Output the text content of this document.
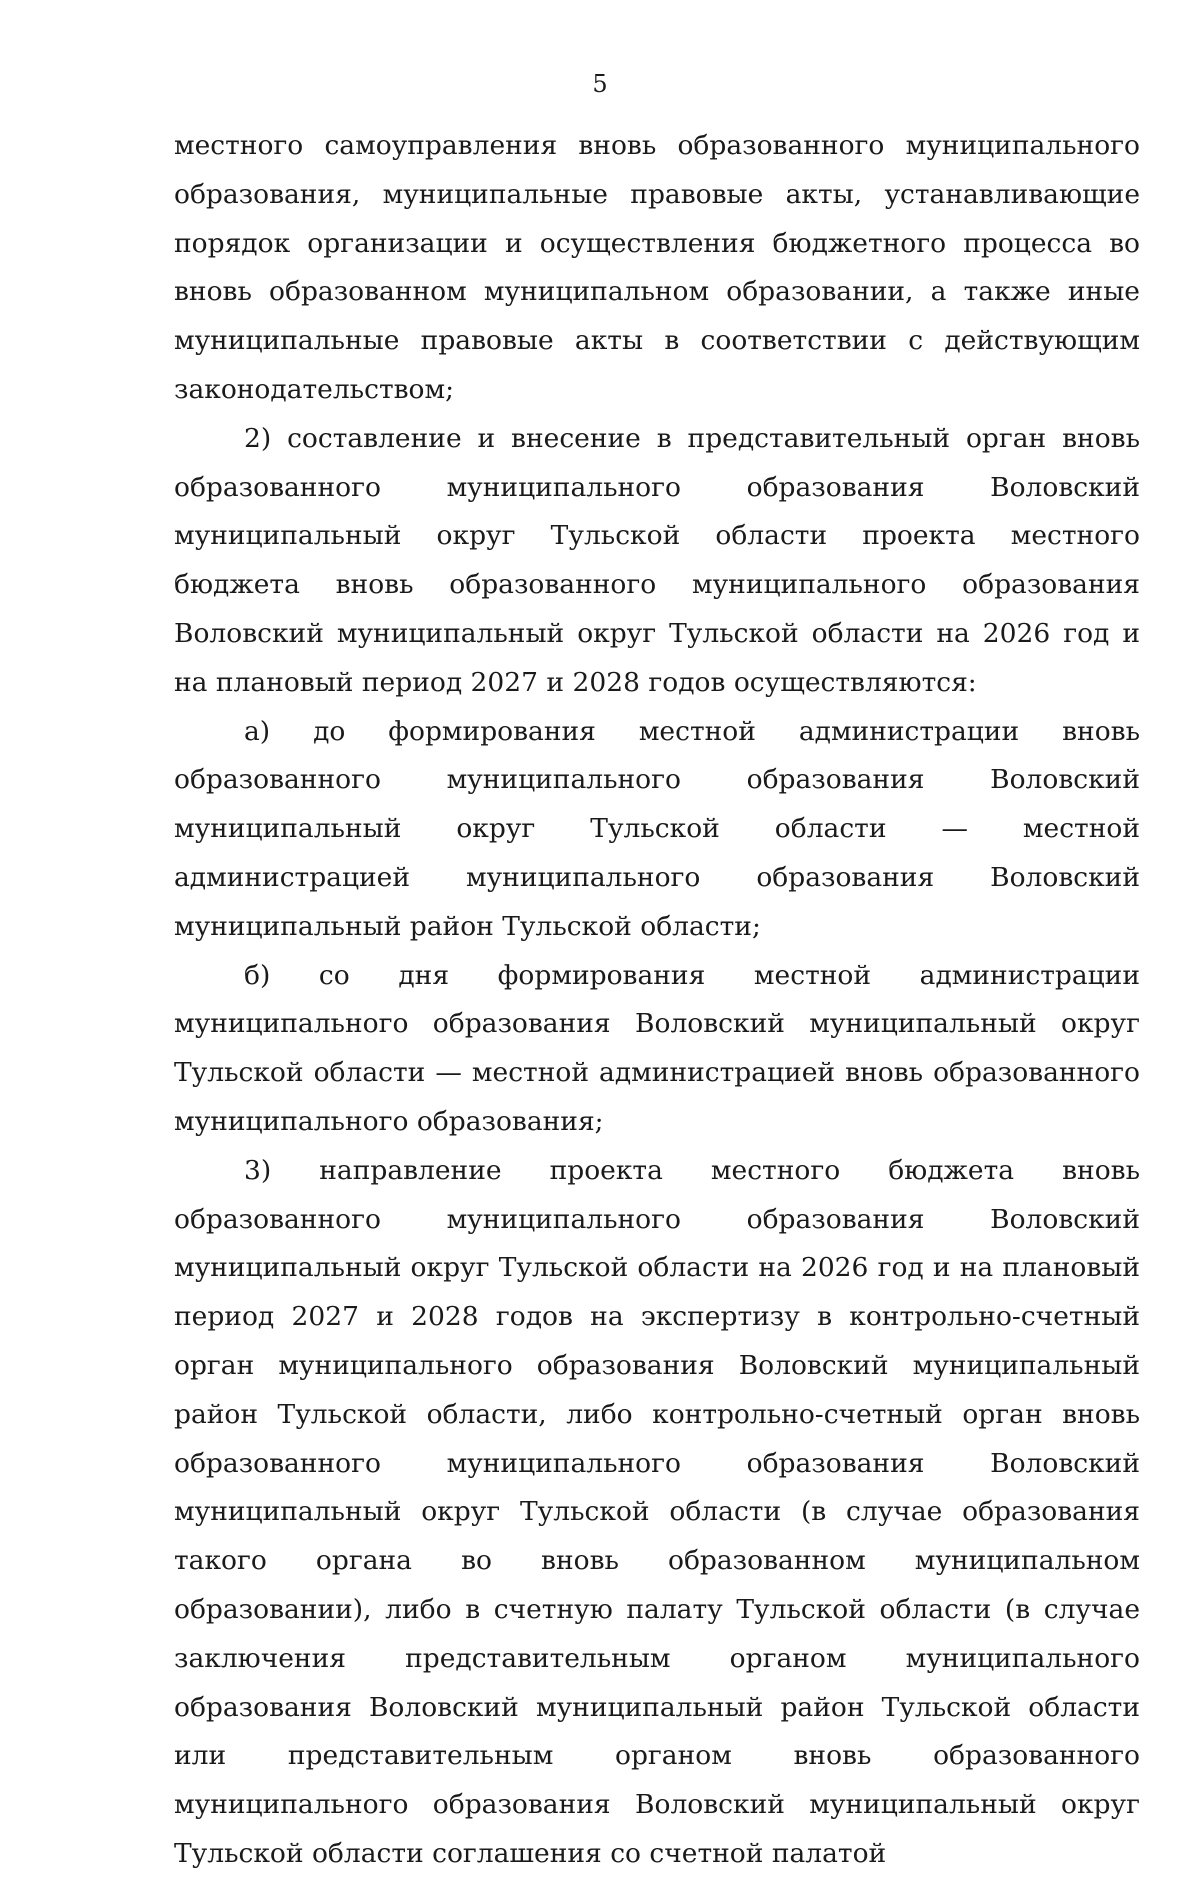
5

местного самоуправления вновь образованного муниципального образования, муниципальные правовые акты, устанавливающие порядок организации и осуществления бюджетного процесса во вновь образованном муниципальном образовании, а также иные муниципальные правовые акты в соответствии с действующим законодательством;

2) составление и внесение в представительный орган вновь образованного муниципального образования Воловский муниципальный округ Тульской области проекта местного бюджета вновь образованного муниципального образования Воловский муниципальный округ Тульской области на 2026 год и на плановый период 2027 и 2028 годов осуществляются:

а) до формирования местной администрации вновь образованного муниципального образования Воловский муниципальный округ Тульской области — местной администрацией муниципального образования Воловский муниципальный район Тульской области;

б) со дня формирования местной администрации муниципального образования Воловский муниципальный округ Тульской области — местной администрацией вновь образованного муниципального образования;

3) направление проекта местного бюджета вновь образованного муниципального образования Воловский муниципальный округ Тульской области на 2026 год и на плановый период 2027 и 2028 годов на экспертизу в контрольно-счетный орган муниципального образования Воловский муниципальный район Тульской области, либо контрольно-счетный орган вновь образованного муниципального образования Воловский муниципальный округ Тульской области (в случае образования такого органа во вновь образованном муниципальном образовании), либо в счетную палату Тульской области (в случае заключения представительным органом муниципального образования Воловский муниципальный район Тульской области или представительным органом вновь образованного муниципального образования Воловский муниципальный округ Тульской области соглашения со счетной палатой
